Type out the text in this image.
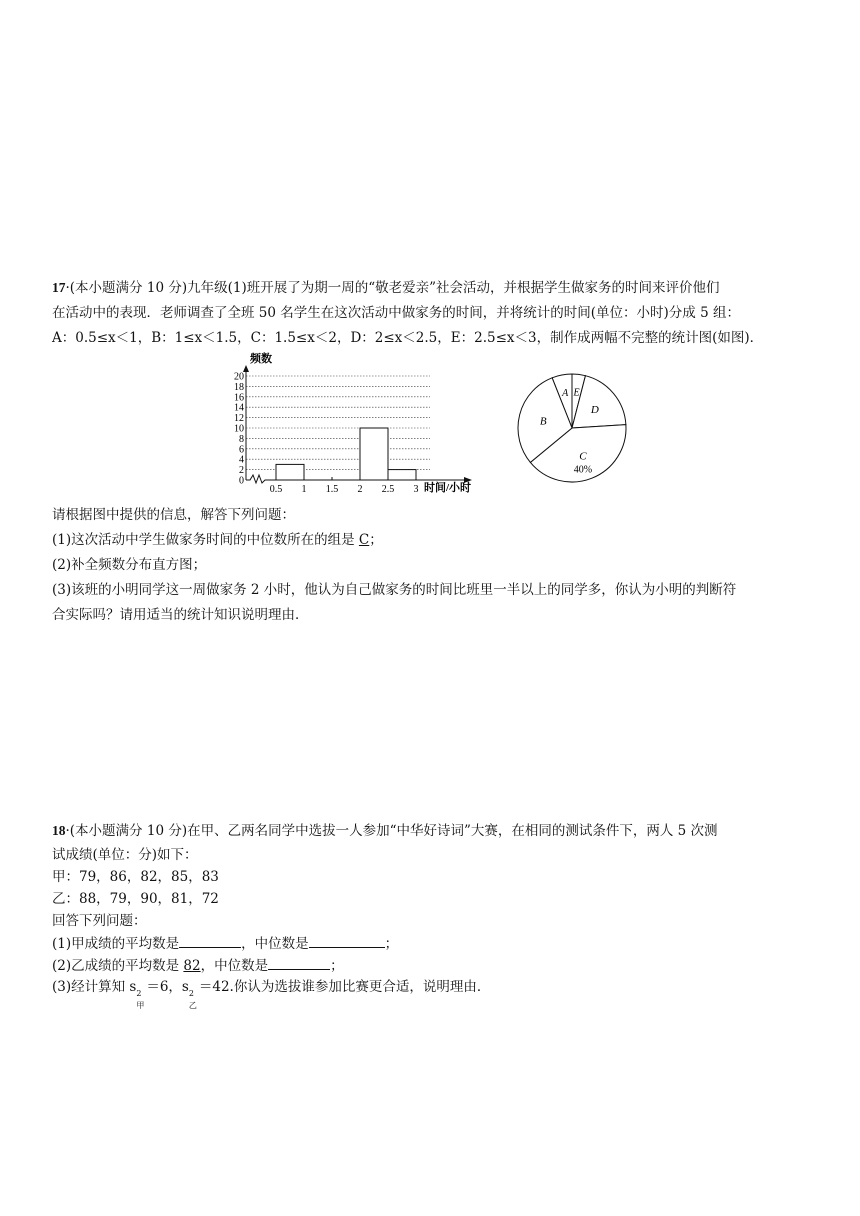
17·(本小题满分 10 分)九年级(1)班开展了为期一周的“敬老爱亲”社会活动，并根据学生做家务的时间来评价他们
在活动中的表现．老师调查了全班 50 名学生在这次活动中做家务的时间，并将统计的时间(单位：小时)分成 5 组：
A：0.5≤x＜1，B：1≤x＜1.5，C：1.5≤x＜2，D：2≤x＜2.5，E：2.5≤x＜3，制作成两幅不完整的统计图(如图)．
0
2
4
6
8
10
12
14
16
18
20
0.5 1 1.5 2 2.5 3
频数
时间/小时
A E
D
C
40%
B
请根据图中提供的信息，解答下列问题：
(1)这次活动中学生做家务时间的中位数所在的组是 C；
(2)补全频数分布直方图；
(3)该班的小明同学这一周做家务 2 小时，他认为自己做家务的时间比班里一半以上的同学多，你认为小明的判断符
合实际吗？请用适当的统计知识说明理由．
18·(本小题满分 10 分)在甲、乙两名同学中选拔一人参加“中华好诗词”大赛，在相同的测试条件下，两人 5 次测
试成绩(单位：分)如下：
甲：79，86，82，85，83
乙：88，79，90，81，72
回答下列问题：
(1)甲成绩的平均数是	，中位数是	；
(2)乙成绩的平均数是 82，中位数是	；
(3)经计算知 s 2
甲
＝6，s 2
乙
＝42.你认为选拔谁参加比赛更合适，说明理由．
